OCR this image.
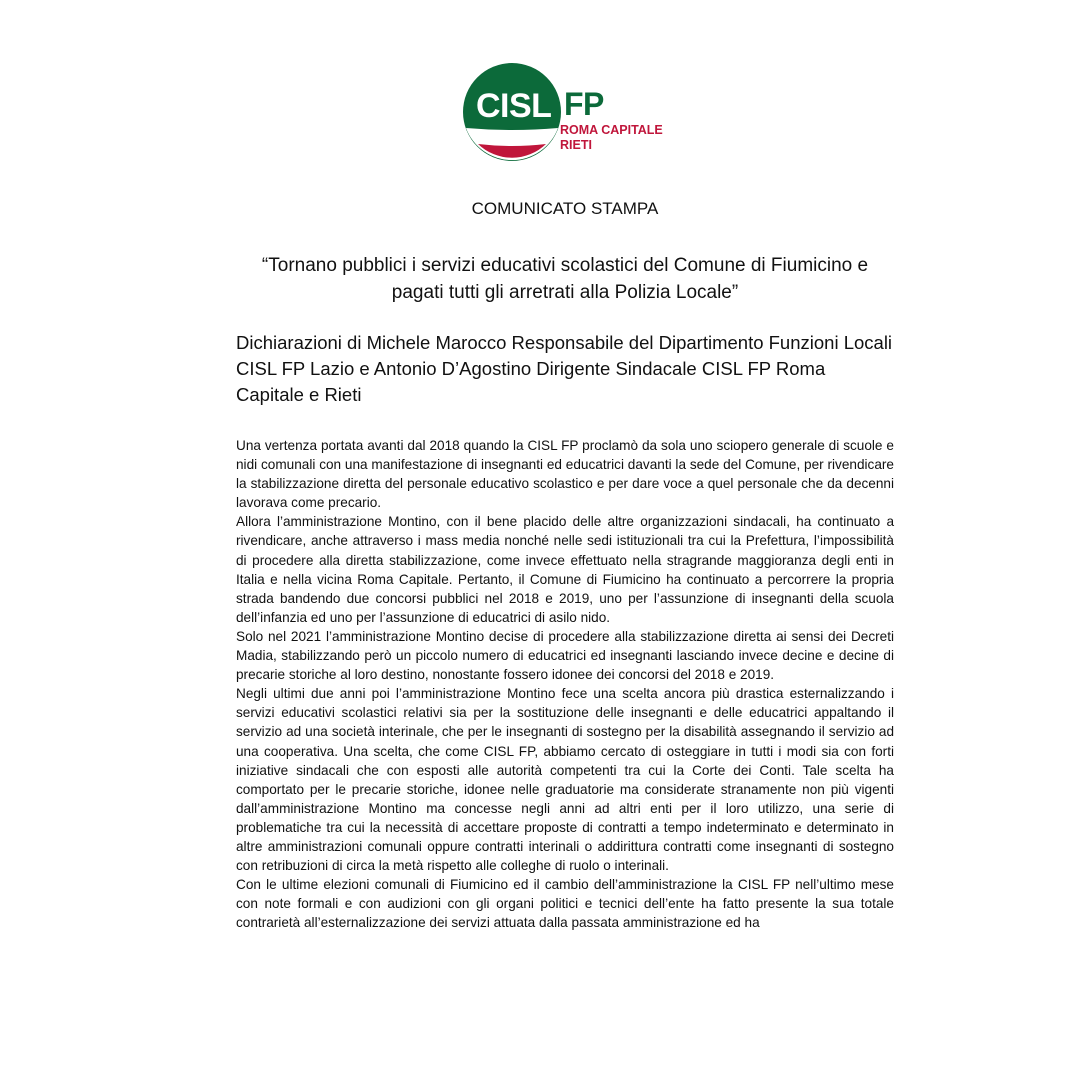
CISL FP
ROMA CAPITALE
RIETI
COMUNICATO STAMPA
“Tornano pubblici i servizi educativi scolastici del Comune di Fiumicino e pagati tutti gli arretrati alla Polizia Locale”
Dichiarazioni di Michele Marocco Responsabile del Dipartimento Funzioni Locali CISL FP Lazio e Antonio D’Agostino Dirigente Sindacale CISL FP Roma Capitale e Rieti

Una vertenza portata avanti dal 2018 quando la CISL FP proclamò da sola uno sciopero generale di scuole e nidi comunali con una manifestazione di insegnanti ed educatrici davanti la sede del Comune, per rivendicare la stabilizzazione diretta del personale educativo scolastico e per dare voce a quel personale che da decenni lavorava come precario.

Allora l’amministrazione Montino, con il bene placido delle altre organizzazioni sindacali, ha continuato a rivendicare, anche attraverso i mass media nonché nelle sedi istituzionali tra cui la Prefettura, l’impossibilità di procedere alla diretta stabilizzazione, come invece effettuato nella stragrande maggioranza degli enti in Italia e nella vicina Roma Capitale. Pertanto, il Comune di Fiumicino ha continuato a percorrere la propria strada bandendo due concorsi pubblici nel 2018 e 2019, uno per l’assunzione di insegnanti della scuola dell’infanzia ed uno per l’assunzione di educatrici di asilo nido.

Solo nel 2021 l’amministrazione Montino decise di procedere alla stabilizzazione diretta ai sensi dei Decreti Madia, stabilizzando però un piccolo numero di educatrici ed insegnanti lasciando invece decine e decine di precarie storiche al loro destino, nonostante fossero idonee dei concorsi del 2018 e 2019.

Negli ultimi due anni poi l’amministrazione Montino fece una scelta ancora più drastica esternalizzando i servizi educativi scolastici relativi sia per la sostituzione delle insegnanti e delle educatrici appaltando il servizio ad una società interinale, che per le insegnanti di sostegno per la disabilità assegnando il servizio ad una cooperativa. Una scelta, che come CISL FP, abbiamo cercato di osteggiare in tutti i modi sia con forti iniziative sindacali che con esposti alle autorità competenti tra cui la Corte dei Conti. Tale scelta ha comportato per le precarie storiche, idonee nelle graduatorie ma considerate stranamente non più vigenti dall’amministrazione Montino ma concesse negli anni ad altri enti per il loro utilizzo, una serie di problematiche tra cui la necessità di accettare proposte di contratti a tempo indeterminato e determinato in altre amministrazioni comunali oppure contratti interinali o addirittura contratti come insegnanti di sostegno con retribuzioni di circa la metà rispetto alle colleghe di ruolo o interinali.

Con le ultime elezioni comunali di Fiumicino ed il cambio dell’amministrazione la CISL FP nell’ultimo mese con note formali e con audizioni con gli organi politici e tecnici dell’ente ha fatto presente la sua totale contrarietà all’esternalizzazione dei servizi attuata dalla passata amministrazione ed ha
